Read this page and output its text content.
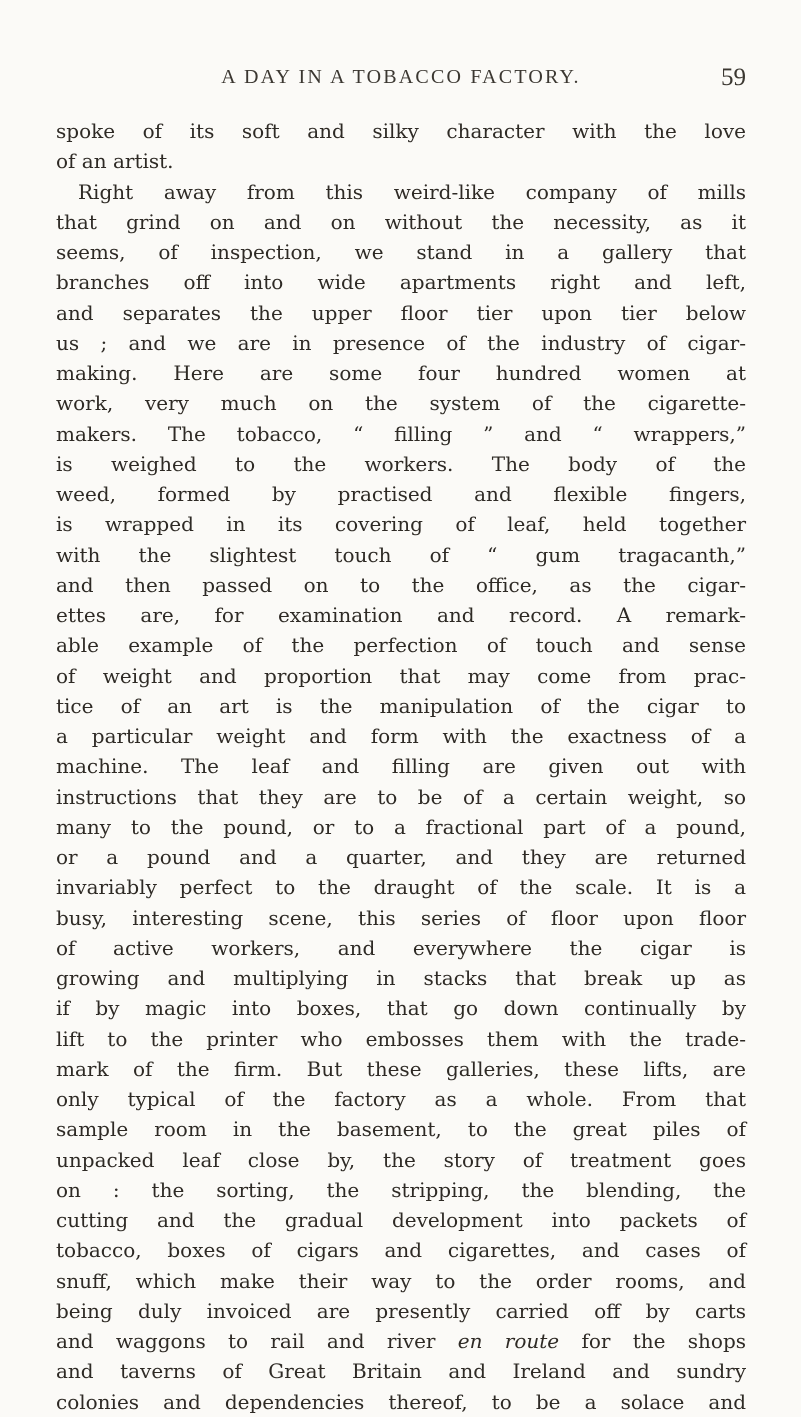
A DAY IN A TOBACCO FACTORY.	59
spoke of its soft and silky character with the love
of an artist.
Right away from this weird-like company of mills
that grind on and on without the necessity, as it
seems, of inspection, we stand in a gallery that
branches off into wide apartments right and left,
and separates the upper floor tier upon tier below
us ; and we are in presence of the industry of cigar-
making. Here are some four hundred women at
work, very much on the system of the cigarette-
makers. The tobacco, “ filling ” and “ wrappers,”
is weighed to the workers. The body of the
weed, formed by practised and flexible fingers,
is wrapped in its covering of leaf, held together
with the slightest touch of “ gum tragacanth,”
and then passed on to the office, as the cigar-
ettes are, for examination and record. A remark-
able example of the perfection of touch and sense
of weight and proportion that may come from prac-
tice of an art is the manipulation of the cigar to
a particular weight and form with the exactness of a
machine. The leaf and filling are given out with
instructions that they are to be of a certain weight, so
many to the pound, or to a fractional part of a pound,
or a pound and a quarter, and they are returned
invariably perfect to the draught of the scale. It is a
busy, interesting scene, this series of floor upon floor
of active workers, and everywhere the cigar is
growing and multiplying in stacks that break up as
if by magic into boxes, that go down continually by
lift to the printer who embosses them with the trade-
mark of the firm. But these galleries, these lifts, are
only typical of the factory as a whole. From that
sample room in the basement, to the great piles of
unpacked leaf close by, the story of treatment goes
on : the sorting, the stripping, the blending, the
cutting and the gradual development into packets of
tobacco, boxes of cigars and cigarettes, and cases of
snuff, which make their way to the order rooms, and
being duly invoiced are presently carried off by carts
and waggons to rail and river en route for the shops
and taverns of Great Britain and Ireland and sundry
colonies and dependencies thereof, to be a solace and
